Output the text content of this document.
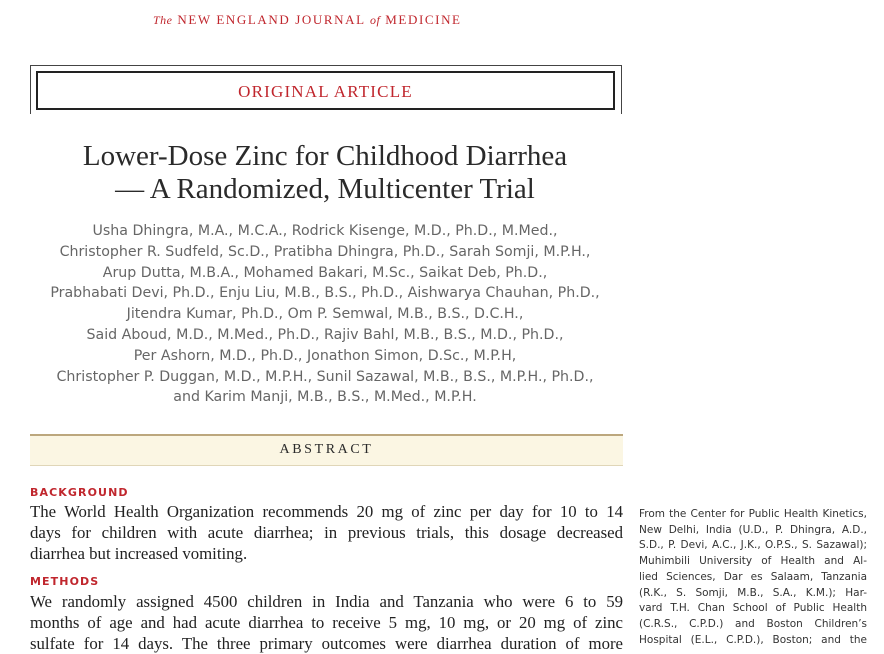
The NEW ENGLAND JOURNAL of MEDICINE
ORIGINAL ARTICLE
Lower-Dose Zinc for Childhood Diarrhea
— A Randomized, Multicenter Trial
Usha Dhingra, M.A., M.C.A., Rodrick Kisenge, M.D., Ph.D., M.Med.,
Christopher R. Sudfeld, Sc.D., Pratibha Dhingra, Ph.D., Sarah Somji, M.P.H.,
Arup Dutta, M.B.A., Mohamed Bakari, M.Sc., Saikat Deb, Ph.D.,
Prabhabati Devi, Ph.D., Enju Liu, M.B., B.S., Ph.D., Aishwarya Chauhan, Ph.D.,
Jitendra Kumar, Ph.D., Om P. Semwal, M.B., B.S., D.C.H.,
Said Aboud, M.D., M.Med., Ph.D., Rajiv Bahl, M.B., B.S., M.D., Ph.D.,
Per Ashorn, M.D., Ph.D., Jonathon Simon, D.Sc., M.P.H,
Christopher P. Duggan, M.D., M.P.H., Sunil Sazawal, M.B., B.S., M.P.H., Ph.D.,
and Karim Manji, M.B., B.S., M.Med., M.P.H.
ABSTRACT
BACKGROUND
The World Health Organization recommends 20 mg of zinc per day for 10 to 14
days for children with acute diarrhea; in previous trials, this dosage decreased
diarrhea but increased vomiting.
METHODS
We randomly assigned 4500 children in India and Tanzania who were 6 to 59
months of age and had acute diarrhea to receive 5 mg, 10 mg, or 20 mg of zinc
sulfate for 14 days. The three primary outcomes were diarrhea duration of more
From the Center for Public Health Kinetics,
New Delhi, India (U.D., P. Dhingra, A.D.,
S.D., P. Devi, A.C., J.K., O.P.S., S. Sazawal);
Muhimbili University of Health and Al-
lied Sciences, Dar es Salaam, Tanzania
(R.K., S. Somji, M.B., S.A., K.M.); Har-
vard T.H. Chan School of Public Health
(C.R.S., C.P.D.) and Boston Children’s
Hospital (E.L., C.P.D.), Boston; and the
